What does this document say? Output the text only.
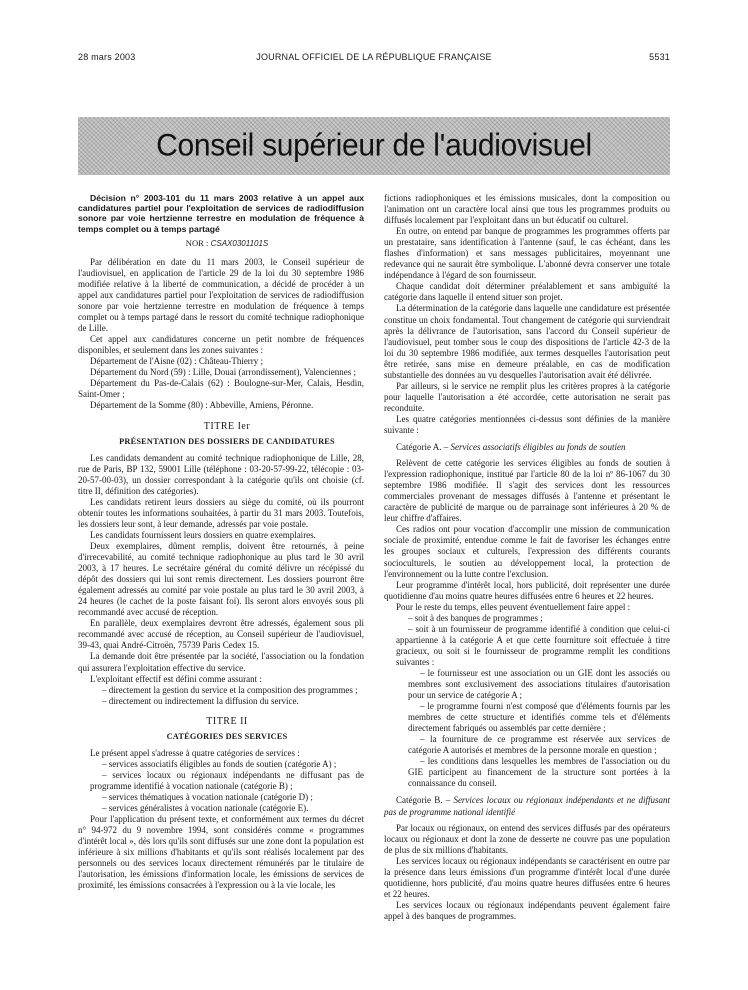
28 mars 2003	JOURNAL OFFICIEL DE LA RÉPUBLIQUE FRANÇAISE	5531
Conseil supérieur de l'audiovisuel

Décision n° 2003-101 du 11 mars 2003 relative à un appel aux candidatures partiel pour l'exploitation de services de radiodiffusion sonore par voie hertzienne terrestre en modulation de fréquence à temps complet ou à temps partagé

NOR : CSAX0301101S

Par délibération en date du 11 mars 2003, le Conseil supérieur de l'audiovisuel, en application de l'article 29 de la loi du 30 septembre 1986 modifiée relative à la liberté de communication, a décidé de procéder à un appel aux candidatures partiel pour l'exploitation de services de radiodiffusion sonore par voie hertzienne terrestre en modulation de fréquence à temps complet ou à temps partagé dans le ressort du comité technique radiophonique de Lille.

Cet appel aux candidatures concerne un petit nombre de fréquences disponibles, et seulement dans les zones suivantes :

Département de l'Aisne (02) : Château-Thierry ;

Département du Nord (59) : Lille, Douai (arrondissement), Valenciennes ;

Département du Pas-de-Calais (62) : Boulogne-sur-Mer, Calais, Hesdin, Saint-Omer ;

Département de la Somme (80) : Abbeville, Amiens, Péronne.

TITRE Ier

PRÉSENTATION DES DOSSIERS DE CANDIDATURES

Les candidats demandent au comité technique radiophonique de Lille, 28, rue de Paris, BP 132, 59001 Lille (téléphone : 03-20-57-99-22, télécopie : 03-20-57-00-03), un dossier correspondant à la catégorie qu'ils ont choisie (cf. titre II, définition des catégories).

Les candidats retirent leurs dossiers au siège du comité, où ils pourront obtenir toutes les informations souhaitées, à partir du 31 mars 2003. Toutefois, les dossiers leur sont, à leur demande, adressés par voie postale.

Les candidats fournissent leurs dossiers en quatre exemplaires.

Deux exemplaires, dûment remplis, doivent être retournés, à peine d'irrecevabilité, au comité technique radiophonique au plus tard le 30 avril 2003, à 17 heures. Le secrétaire général du comité délivre un récépissé du dépôt des dossiers qui lui sont remis directement. Les dossiers pourront être également adressés au comité par voie postale au plus tard le 30 avril 2003, à 24 heures (le cachet de la poste faisant foi). Ils seront alors envoyés sous pli recommandé avec accusé de réception.

En parallèle, deux exemplaires devront être adressés, également sous pli recommandé avec accusé de réception, au Conseil supérieur de l'audiovisuel, 39-43, quai André-Citroën, 75739 Paris Cedex 15.

La demande doit être présentée par la société, l'association ou la fondation qui assurera l'exploitation effective du service.

L'exploitant effectif est défini comme assurant :

– directement la gestion du service et la composition des programmes ;

– directement ou indirectement la diffusion du service.

TITRE II

CATÉGORIES DES SERVICES

Le présent appel s'adresse à quatre catégories de services :

– services associatifs éligibles au fonds de soutien (catégorie A) ;

– services locaux ou régionaux indépendants ne diffusant pas de programme identifié à vocation nationale (catégorie B) ;

– services thématiques à vocation nationale (catégorie D) ;

– services généralistes à vocation nationale (catégorie E).

Pour l'application du présent texte, et conformément aux termes du décret n° 94-972 du 9 novembre 1994, sont considérés comme « programmes d'intérêt local », dès lors qu'ils sont diffusés sur une zone dont la population est inférieure à six millions d'habitants et qu'ils sont réalisés localement par des personnels ou des services locaux directement rémunérés par le titulaire de l'autorisation, les émissions d'information locale, les émissions de services de proximité, les émissions consacrées à l'expression ou à la vie locale, les

fictions radiophoniques et les émissions musicales, dont la composition ou l'animation ont un caractère local ainsi que tous les programmes produits ou diffusés localement par l'exploitant dans un but éducatif ou culturel.

En outre, on entend par banque de programmes les programmes offerts par un prestataire, sans identification à l'antenne (sauf, le cas échéant, dans les flashes d'information) et sans messages publicitaires, moyennant une redevance qui ne saurait être symbolique. L'abonné devra conserver une totale indépendance à l'égard de son fournisseur.

Chaque candidat doit déterminer préalablement et sans ambiguïté la catégorie dans laquelle il entend situer son projet.

La détermination de la catégorie dans laquelle une candidature est présentée constitue un choix fondamental. Tout changement de catégorie qui surviendrait après la délivrance de l'autorisation, sans l'accord du Conseil supérieur de l'audiovisuel, peut tomber sous le coup des dispositions de l'article 42-3 de la loi du 30 septembre 1986 modifiée, aux termes desquelles l'autorisation peut être retirée, sans mise en demeure préalable, en cas de modification substantielle des données au vu desquelles l'autorisation avait été délivrée.

Par ailleurs, si le service ne remplit plus les critères propres à la catégorie pour laquelle l'autorisation a été accordée, cette autorisation ne serait pas reconduite.

Les quatre catégories mentionnées ci-dessus sont définies de la manière suivante :

Catégorie A. – Services associatifs éligibles au fonds de soutien

Relèvent de cette catégorie les services éligibles au fonds de soutien à l'expression radiophonique, institué par l'article 80 de la loi nº 86-1067 du 30 septembre 1986 modifiée. Il s'agit des services dont les ressources commerciales provenant de messages diffusés à l'antenne et présentant le caractère de publicité de marque ou de parrainage sont inférieures à 20 % de leur chiffre d'affaires.

Ces radios ont pour vocation d'accomplir une mission de communication sociale de proximité, entendue comme le fait de favoriser les échanges entre les groupes sociaux et culturels, l'expression des différents courants socioculturels, le soutien au développement local, la protection de l'environnement ou la lutte contre l'exclusion.

Leur programme d'intérêt local, hors publicité, doit représenter une durée quotidienne d'au moins quatre heures diffusées entre 6 heures et 22 heures.

Pour le reste du temps, elles peuvent éventuellement faire appel :

– soit à des banques de programmes ;

– soit à un fournisseur de programme identifié à condition que celui-ci appartienne à la catégorie A et que cette fourniture soit effectuée à titre gracieux, ou soit si le fournisseur de programme remplit les conditions suivantes :

– le fournisseur est une association ou un GIE dont les associés ou membres sont exclusivement des associations titulaires d'autorisation pour un service de catégorie A ;

– le programme fourni n'est composé que d'éléments fournis par les membres de cette structure et identifiés comme tels et d'éléments directement fabriqués ou assemblés par cette dernière ;

– la fourniture de ce programme est réservée aux services de catégorie A autorisés et membres de la personne morale en question ;

– les conditions dans lesquelles les membres de l'association ou du GIE participent au financement de la structure sont portées à la connaissance du conseil.

Catégorie B. – Services locaux ou régionaux indépendants et ne diffusant pas de programme national identifié

Par locaux ou régionaux, on entend des services diffusés par des opérateurs locaux ou régionaux et dont la zone de desserte ne couvre pas une population de plus de six millions d'habitants.

Les services locaux ou régionaux indépendants se caractérisent en outre par la présence dans leurs émissions d'un programme d'intérêt local d'une durée quotidienne, hors publicité, d'au moins quatre heures diffusées entre 6 heures et 22 heures.

Les services locaux ou régionaux indépendants peuvent également faire appel à des banques de programmes.
